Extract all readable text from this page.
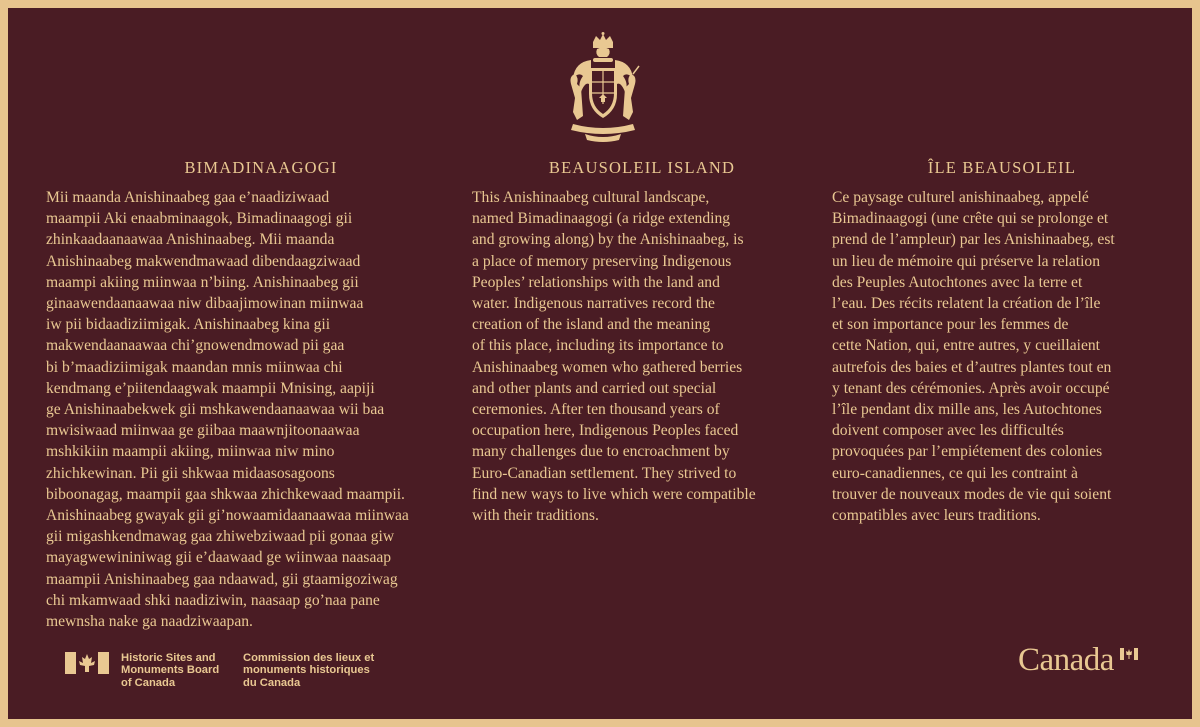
BIMADINAAGOGI

Mii maanda Anishinaabeg gaa e’naadiziwaad
maampii Aki enaabminaagok, Bimadinaagogi gii
zhinkaadaanaawaa Anishinaabeg. Mii maanda
Anishinaabeg makwendmawaad dibendaagziwaad
maampi akiing miinwaa n’biing. Anishinaabeg gii
ginaawendaanaawaa niw dibaajimowinan miinwaa
iw pii bidaadiziimigak. Anishinaabeg kina gii
makwendaanaawaa chi’gnowendmowad pii gaa
bi b’maadiziimigak maandan mnis miinwaa chi
kendmang e’piitendaagwak maampii Mnising, aapiji
ge Anishinaabekwek gii mshkawendaanaawaa wii baa
mwisiwaad miinwaa ge giibaa maawnjitoonaawaa
mshkikiin maampii akiing, miinwaa niw mino
zhichkewinan. Pii gii shkwaa midaasosagoons
biboonagag, maampii gaa shkwaa zhichkewaad maampii.
Anishinaabeg gwayak gii gi’nowaamidaanaawaa miinwaa
gii migashkendmawag gaa zhiwebziwaad pii gonaa giw
mayagwewininiwag gii e’daawaad ge wiinwaa naasaap
maampii Anishinaabeg gaa ndaawad, gii gtaamigoziwag
chi mkamwaad shki naadiziwin, naasaap go’naa pane
mewnsha nake ga naadziwaapan.

BEAUSOLEIL ISLAND

This Anishinaabeg cultural landscape,
named Bimadinaagogi (a ridge extending
and growing along) by the Anishinaabeg, is
a place of memory preserving Indigenous
Peoples’ relationships with the land and
water. Indigenous narratives record the
creation of the island and the meaning
of this place, including its importance to
Anishinaabeg women who gathered berries
and other plants and carried out special
ceremonies. After ten thousand years of
occupation here, Indigenous Peoples faced
many challenges due to encroachment by
Euro-Canadian settlement. They strived to
find new ways to live which were compatible
with their traditions.

ÎLE BEAUSOLEIL

Ce paysage culturel anishinaabeg, appelé
Bimadinaagogi (une crête qui se prolonge et
prend de l’ampleur) par les Anishinaabeg, est
un lieu de mémoire qui préserve la relation
des Peuples Autochtones avec la terre et
l’eau. Des récits relatent la création de l’île
et son importance pour les femmes de
cette Nation, qui, entre autres, y cueillaient
autrefois des baies et d’autres plantes tout en
y tenant des cérémonies. Après avoir occupé
l’île pendant dix mille ans, les Autochtones
doivent composer avec les difficultés
provoquées par l’empiétement des colonies
euro-canadiennes, ce qui les contraint à
trouver de nouveaux modes de vie qui soient
compatibles avec leurs traditions.

Historic Sites and
Monuments Board
of Canada
Commission des lieux et
monuments historiques
du Canada
Canada
